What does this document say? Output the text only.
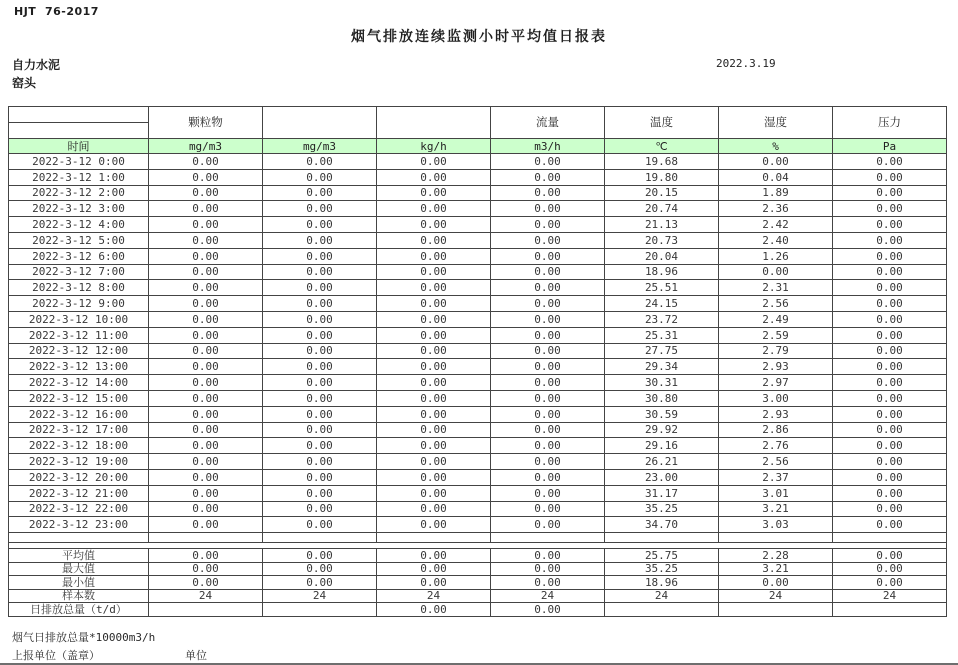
HJT  76-2017
烟气排放连续监测小时平均值日报表
自力水泥
窑头
2022.3.19
	颗粒物			流量	温度	湿度	压力

时间	mg/m3	mg/m3	kg/h	m3/h	℃	%	Pa
2022-3-12 0:00	0.00	0.00	0.00	0.00	19.68	0.00	0.00
2022-3-12 1:00	0.00	0.00	0.00	0.00	19.80	0.04	0.00
2022-3-12 2:00	0.00	0.00	0.00	0.00	20.15	1.89	0.00
2022-3-12 3:00	0.00	0.00	0.00	0.00	20.74	2.36	0.00
2022-3-12 4:00	0.00	0.00	0.00	0.00	21.13	2.42	0.00
2022-3-12 5:00	0.00	0.00	0.00	0.00	20.73	2.40	0.00
2022-3-12 6:00	0.00	0.00	0.00	0.00	20.04	1.26	0.00
2022-3-12 7:00	0.00	0.00	0.00	0.00	18.96	0.00	0.00
2022-3-12 8:00	0.00	0.00	0.00	0.00	25.51	2.31	0.00
2022-3-12 9:00	0.00	0.00	0.00	0.00	24.15	2.56	0.00
2022-3-12 10:00	0.00	0.00	0.00	0.00	23.72	2.49	0.00
2022-3-12 11:00	0.00	0.00	0.00	0.00	25.31	2.59	0.00
2022-3-12 12:00	0.00	0.00	0.00	0.00	27.75	2.79	0.00
2022-3-12 13:00	0.00	0.00	0.00	0.00	29.34	2.93	0.00
2022-3-12 14:00	0.00	0.00	0.00	0.00	30.31	2.97	0.00
2022-3-12 15:00	0.00	0.00	0.00	0.00	30.80	3.00	0.00
2022-3-12 16:00	0.00	0.00	0.00	0.00	30.59	2.93	0.00
2022-3-12 17:00	0.00	0.00	0.00	0.00	29.92	2.86	0.00
2022-3-12 18:00	0.00	0.00	0.00	0.00	29.16	2.76	0.00
2022-3-12 19:00	0.00	0.00	0.00	0.00	26.21	2.56	0.00
2022-3-12 20:00	0.00	0.00	0.00	0.00	23.00	2.37	0.00
2022-3-12 21:00	0.00	0.00	0.00	0.00	31.17	3.01	0.00
2022-3-12 22:00	0.00	0.00	0.00	0.00	35.25	3.21	0.00
2022-3-12 23:00	0.00	0.00	0.00	0.00	34.70	3.03	0.00

平均值	0.00	0.00	0.00	0.00	25.75	2.28	0.00
最大值	0.00	0.00	0.00	0.00	35.25	3.21	0.00
最小值	0.00	0.00	0.00	0.00	18.96	0.00	0.00
样本数	24	24	24	24	24	24	24
日排放总量（t/d）			0.00	0.00			
烟气日排放总量*10000m3/h
上报单位（盖章）	单位
